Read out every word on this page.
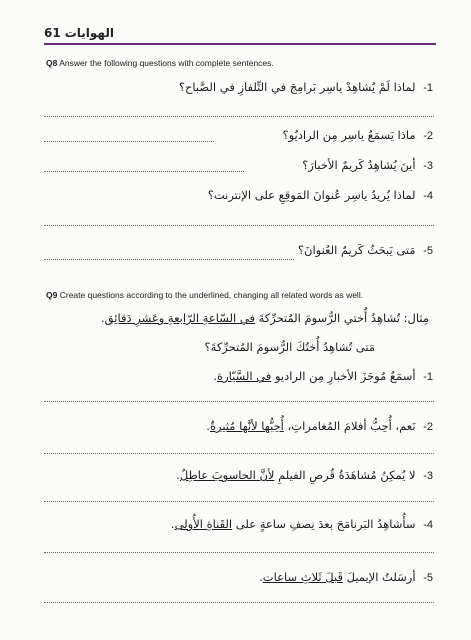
61 الهوايات
Q8 Answer the following questions with complete sentences.
1- لماذا لَمْ يُشاهِدْ ياسِر بَرامِجَ في التِّلفازِ في الصَّباح؟
2- ماذا يَسمَعُ ياسِر مِن الراديُو؟
3- أينَ يُشاهِدُ كَريمٌ الأخبارَ؟
4- لماذا يُريدُ ياسِر عُنوانَ المَوقِعِ على الإنترنت؟
5- مَتى يَبحَثُ كَريمٌ العُنوانَ؟
Q9 Create questions according to the underlined, changing all related words as well.
مِثال: تُشاهِدُ أُختي الرُّسومَ المُتحرِّكةَ في السّاعةِ الرّابعةِ وعَشرِ دَقائِق.
مَتى تُشاهِدُ أُختُكَ الرُّسومَ المُتحرِّكةَ؟
1- أسمَعُ مُوجَزَ الأخبارِ مِن الراديو في السَّيّارة.
2- نَعم، أُحِبُّ أفلامَ المُغامراتِ، أُحِبُّها لأنَّها مُثيرةٌ.
3- لا يُمكِنُ مُشاهَدَةُ قُرصِ الفيلمِ لأنَّ الحاسوبَ عاطِلٌ.
4- سأُشاهِدُ البَرنامَجَ بعدَ نِصفِ ساعةٍ على القَناةِ الأُولى.
5- أرسَلتُ الإيميلَ قَبلَ ثَلاثِ ساعات.
